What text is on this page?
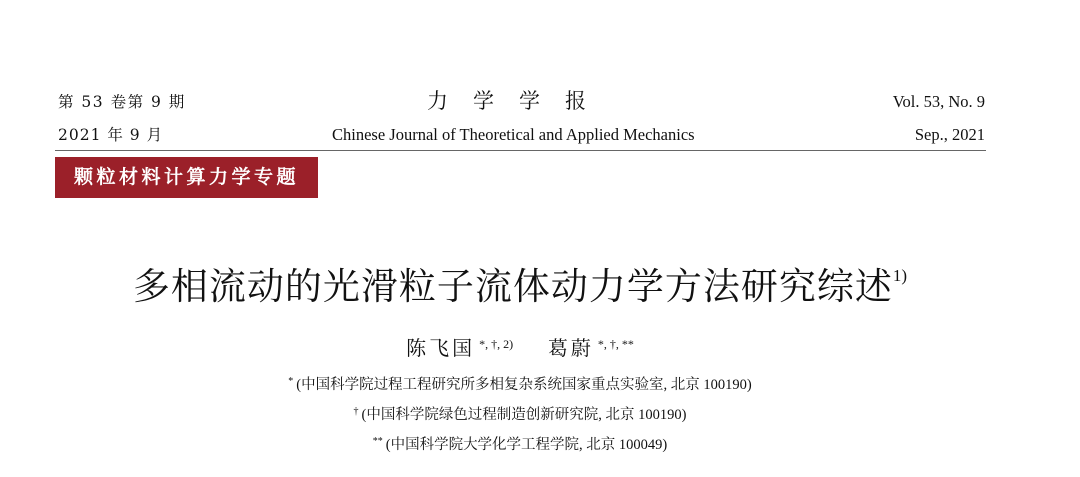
第 53 卷第 9 期	力学学报	Vol. 53, No. 9
2021 年 9 月	Chinese Journal of Theoretical and Applied Mechanics	Sep., 2021
颗粒材料计算力学专题
多相流动的光滑粒子流体动力学方法研究综述$^{1)}$
陈飞国 $^{*, \dagger, 2)}$ 葛蔚 *, †, **
* (中国科学院过程工程研究所多相复杂系统国家重点实验室, 北京 100190)
† (中国科学院绿色过程制造创新研究院, 北京 100190)
** (中国科学院大学化学工程学院, 北京 100049)
